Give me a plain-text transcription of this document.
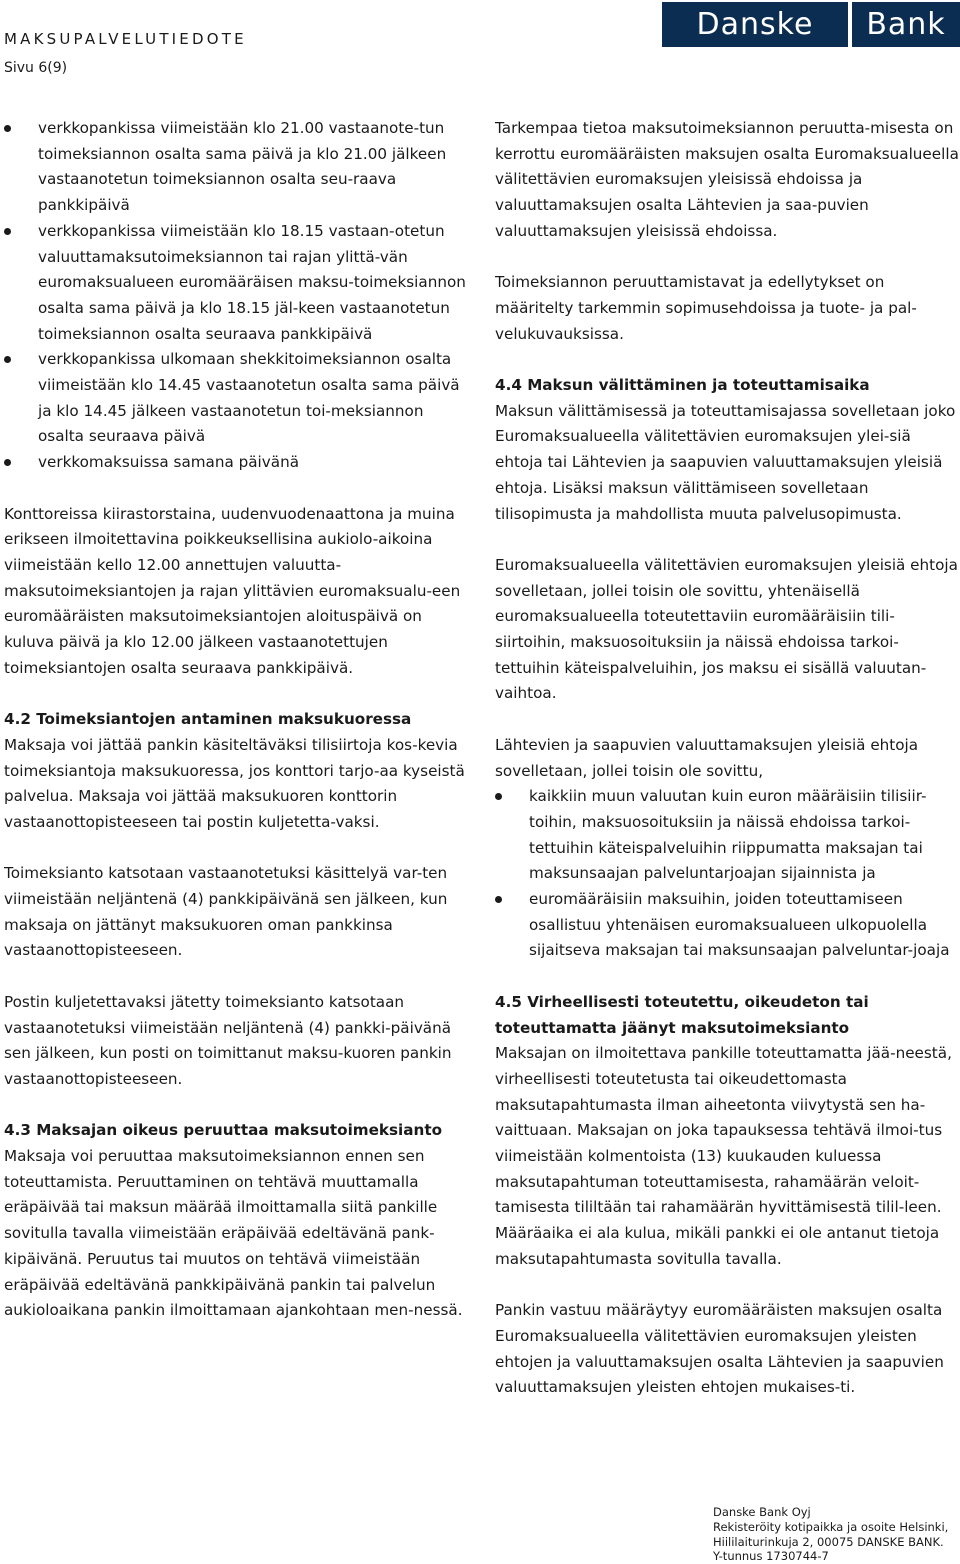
MAKSUPALVELUTIEDOTE
Sivu 6(9)
Danske	Bank
verkkopankissa viimeistään klo 21.00 vastaanote-tun toimeksiannon osalta sama päivä ja klo 21.00 jälkeen vastaanotetun toimeksiannon osalta seu-raava pankkipäivä
verkkopankissa viimeistään klo 18.15 vastaan-otetun valuuttamaksutoimeksiannon tai rajan ylittä-vän euromaksualueen euromääräisen maksu-toimeksiannon osalta sama päivä ja klo 18.15 jäl-keen vastaanotetun toimeksiannon osalta seuraava pankkipäivä
verkkopankissa ulkomaan shekkitoimeksiannon osalta viimeistään klo 14.45 vastaanotetun osalta sama päivä ja klo 14.45 jälkeen vastaanotetun toi-meksiannon osalta seuraava päivä
verkkomaksuissa samana päivänä

Konttoreissa kiirastorstaina, uudenvuodenaattona ja muina erikseen ilmoitettavina poikkeuksellisina aukiolo-aikoina viimeistään kello 12.00 annettujen valuutta-maksutoimeksiantojen ja rajan ylittävien euromaksualu-een euromääräisten maksutoimeksiantojen aloituspäivä on kuluva päivä ja klo 12.00 jälkeen vastaanotettujen toimeksiantojen osalta seuraava pankkipäivä.

4.2 Toimeksiantojen antaminen maksukuoressa

Maksaja voi jättää pankin käsiteltäväksi tilisiirtoja kos-kevia toimeksiantoja maksukuoressa, jos konttori tarjo-aa kyseistä palvelua. Maksaja voi jättää maksukuoren konttorin vastaanottopisteeseen tai postin kuljetetta-vaksi.

Toimeksianto katsotaan vastaanotetuksi käsittelyä var-ten viimeistään neljäntenä (4) pankkipäivänä sen jälkeen, kun maksaja on jättänyt maksukuoren oman pankkinsa vastaanottopisteeseen.

Postin kuljetettavaksi jätetty toimeksianto katsotaan vastaanotetuksi viimeistään neljäntenä (4) pankki-päivänä sen jälkeen, kun posti on toimittanut maksu-kuoren pankin vastaanottopisteeseen.

4.3 Maksajan oikeus peruuttaa maksutoimeksianto

Maksaja voi peruuttaa maksutoimeksiannon ennen sen toteuttamista. Peruuttaminen on tehtävä muuttamalla eräpäivää tai maksun määrää ilmoittamalla siitä pankille sovitulla tavalla viimeistään eräpäivää edeltävänä pank-kipäivänä. Peruutus tai muutos on tehtävä viimeistään eräpäivää edeltävänä pankkipäivänä pankin tai palvelun aukioloaikana pankin ilmoittamaan ajankohtaan men-nessä.

Tarkempaa tietoa maksutoimeksiannon peruutta-misesta on kerrottu euromääräisten maksujen osalta Euromaksualueella välitettävien euromaksujen yleisissä ehdoissa ja valuuttamaksujen osalta Lähtevien ja saa-puvien valuuttamaksujen yleisissä ehdoissa.

Toimeksiannon peruuttamistavat ja edellytykset on määritelty tarkemmin sopimusehdoissa ja tuote- ja pal-velukuvauksissa.

4.4 Maksun välittäminen ja toteuttamisaika

Maksun välittämisessä ja toteuttamisajassa sovelletaan joko Euromaksualueella välitettävien euromaksujen ylei-siä ehtoja tai Lähtevien ja saapuvien valuuttamaksujen yleisiä ehtoja. Lisäksi maksun välittämiseen sovelletaan tilisopimusta ja mahdollista muuta palvelusopimusta.

Euromaksualueella välitettävien euromaksujen yleisiä ehtoja sovelletaan, jollei toisin ole sovittu, yhtenäisellä euromaksualueella toteutettaviin euromääräisiin tili-siirtoihin, maksuosoituksiin ja näissä ehdoissa tarkoi-tettuihin käteispalveluihin, jos maksu ei sisällä valuutan-vaihtoa.

Lähtevien ja saapuvien valuuttamaksujen yleisiä ehtoja sovelletaan, jollei toisin ole sovittu,

kaikkiin muun valuutan kuin euron määräisiin tilisiir-toihin, maksuosoituksiin ja näissä ehdoissa tarkoi-tettuihin käteispalveluihin riippumatta maksajan tai maksunsaajan palveluntarjoajan sijainnista ja
euromääräisiin maksuihin, joiden toteuttamiseen osallistuu yhtenäisen euromaksualueen ulkopuolella sijaitseva maksajan tai maksunsaajan palveluntar-joaja
4.5 Virheellisesti toteutettu, oikeudeton tai
toteuttamatta jäänyt maksutoimeksianto

Maksajan on ilmoitettava pankille toteuttamatta jää-neestä, virheellisesti toteutetusta tai oikeudettomasta maksutapahtumasta ilman aiheetonta viivytystä sen ha-vaittuaan. Maksajan on joka tapauksessa tehtävä ilmoi-tus viimeistään kolmentoista (13) kuukauden kuluessa maksutapahtuman toteuttamisesta, rahamäärän veloit-tamisesta tililtään tai rahamäärän hyvittämisestä tilil-leen. Määräaika ei ala kulua, mikäli pankki ei ole antanut tietoja maksutapahtumasta sovitulla tavalla.

Pankin vastuu määräytyy euromääräisten maksujen osalta Euromaksualueella välitettävien euromaksujen yleisten ehtojen ja valuuttamaksujen osalta Lähtevien ja saapuvien valuuttamaksujen yleisten ehtojen mukaises-ti.

Danske Bank Oyj
Rekisteröity kotipaikka ja osoite Helsinki,
Hiililaiturinkuja 2, 00075 DANSKE BANK.
Y-tunnus 1730744-7
